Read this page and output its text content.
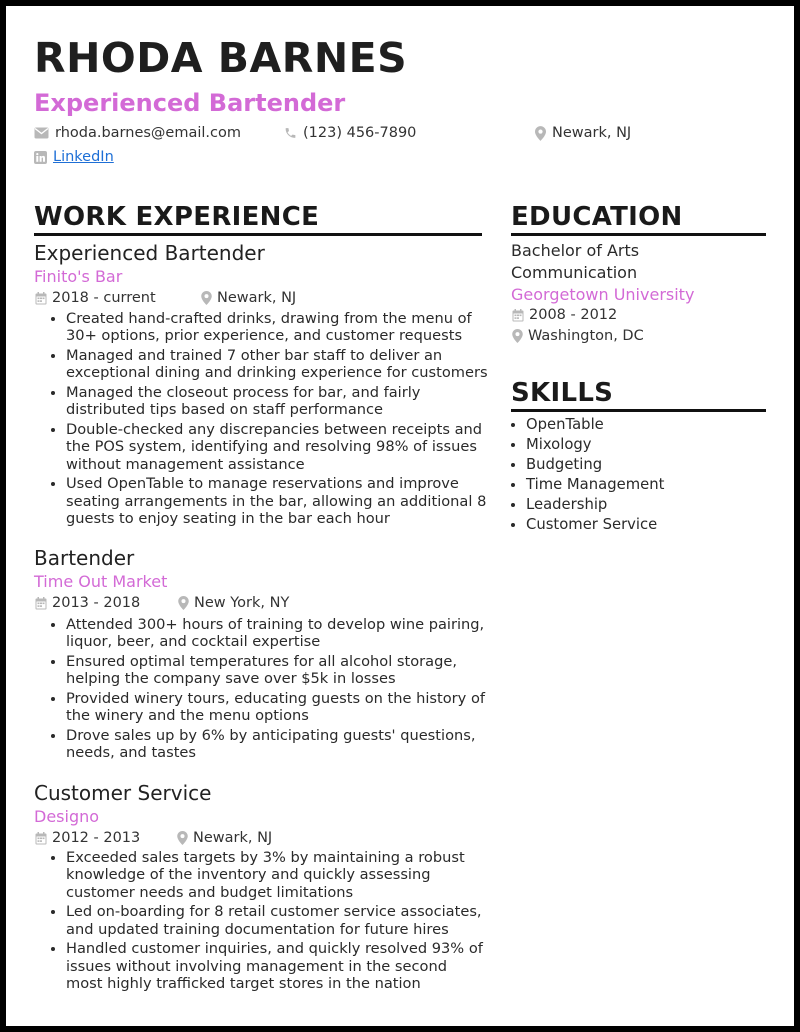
RHODA BARNES
Experienced Bartender
rhoda.barnes@email.com	(123) 456-7890	Newark, NJ
LinkedIn
WORK EXPERIENCE
Experienced Bartender
Finito's Bar
2018 - current	Newark, NJ
• Created hand-crafted drinks, drawing from the menu of 30+ options, prior experience, and customer requests
• Managed and trained 7 other bar staff to deliver an exceptional dining and drinking experience for customers
• Managed the closeout process for bar, and fairly distributed tips based on staff performance
• Double-checked any discrepancies between receipts and the POS system, identifying and resolving 98% of issues without management assistance
• Used OpenTable to manage reservations and improve seating arrangements in the bar, allowing an additional 8 guests to enjoy seating in the bar each hour
Bartender
Time Out Market
2013 - 2018	New York, NY
• Attended 300+ hours of training to develop wine pairing, liquor, beer, and cocktail expertise
• Ensured optimal temperatures for all alcohol storage, helping the company save over $5k in losses
• Provided winery tours, educating guests on the history of the winery and the menu options
• Drove sales up by 6% by anticipating guests' questions, needs, and tastes
Customer Service
Designo
2012 - 2013	Newark, NJ
• Exceeded sales targets by 3% by maintaining a robust knowledge of the inventory and quickly assessing customer needs and budget limitations
• Led on-boarding for 8 retail customer service associates, and updated training documentation for future hires
• Handled customer inquiries, and quickly resolved 93% of issues without involving management in the second most highly trafficked target stores in the nation
EDUCATION
Bachelor of Arts
Communication
Georgetown University
2008 - 2012
Washington, DC
SKILLS
• OpenTable
• Mixology
• Budgeting
• Time Management
• Leadership
• Customer Service
